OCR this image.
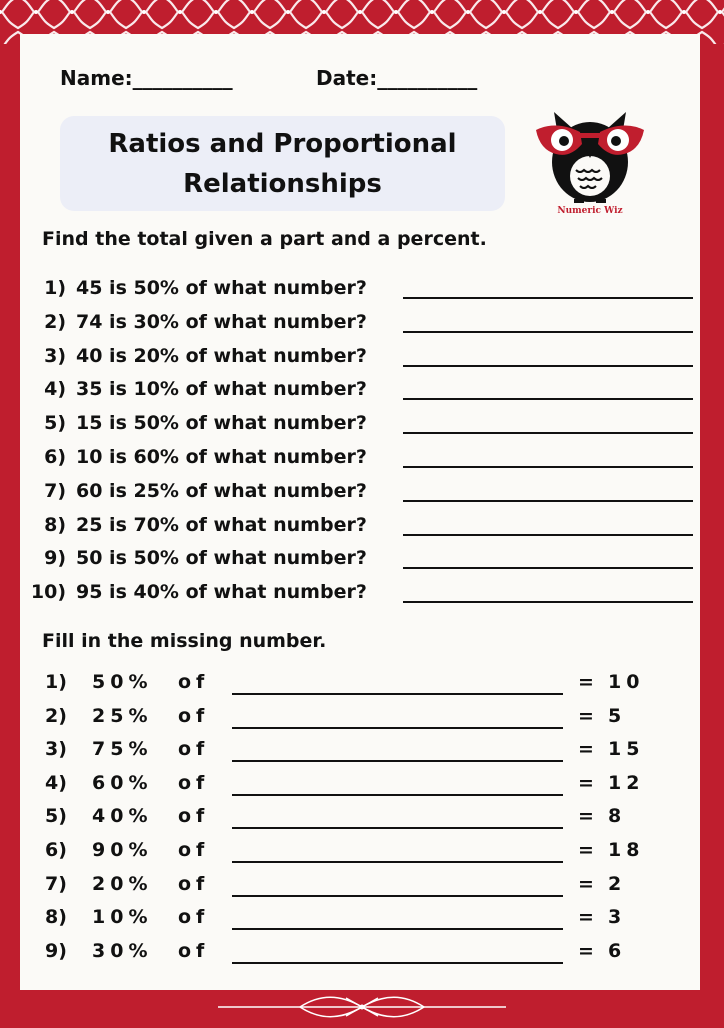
Name:__________	Date:__________
Ratios and Proportional
Relationships
Numeric Wiz
Find the total given a part and a percent.
1) 45 is 50% of what number?
2) 74 is 30% of what number?
3) 40 is 20% of what number?
4) 35 is 10% of what number?
5) 15 is 50% of what number?
6) 10 is 60% of what number?
7) 60 is 25% of what number?
8) 25 is 70% of what number?
9) 50 is 50% of what number?
10) 95 is 40% of what number?
Fill in the missing number.
1) 50% of	= 10
2) 25% of	= 5
3) 75% of	= 15
4) 60% of	= 12
5) 40% of	= 8
6) 90% of	= 18
7) 20% of	= 2
8) 10% of	= 3
9) 30% of	= 6
